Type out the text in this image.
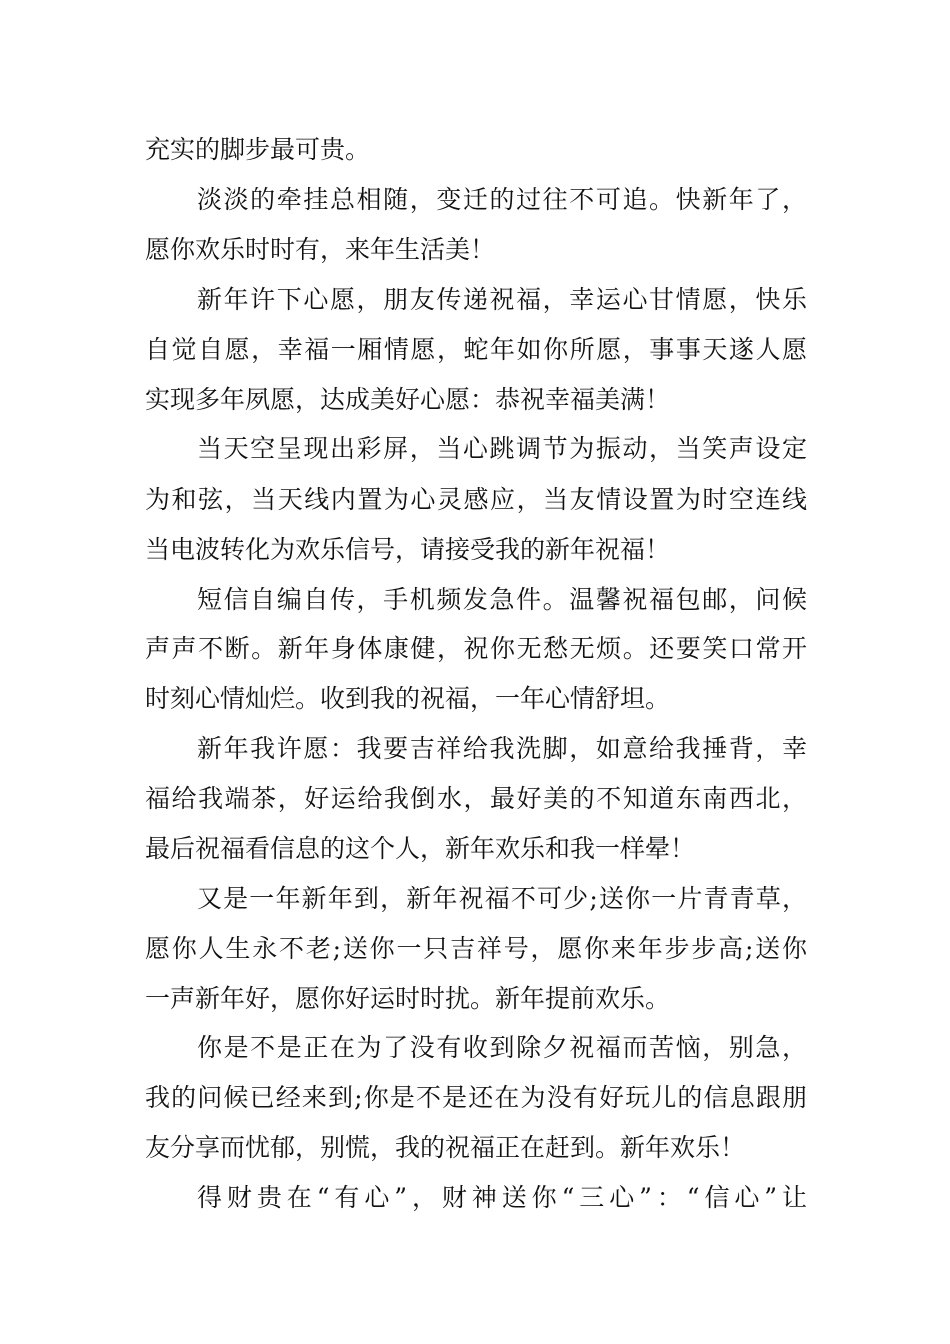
充实的脚步最可贵。
淡淡的牵挂总相随，变迁的过往不可追。快新年了，
愿你欢乐时时有，来年生活美！
新年许下心愿，朋友传递祝福，幸运心甘情愿，快乐
自觉自愿，幸福一厢情愿，蛇年如你所愿，事事天遂人愿
实现多年夙愿，达成美好心愿：恭祝幸福美满！
当天空呈现出彩屏，当心跳调节为振动，当笑声设定
为和弦，当天线内置为心灵感应，当友情设置为时空连线
当电波转化为欢乐信号，请接受我的新年祝福！
短信自编自传，手机频发急件。温馨祝福包邮，问候
声声不断。新年身体康健，祝你无愁无烦。还要笑口常开
时刻心情灿烂。收到我的祝福，一年心情舒坦。
新年我许愿：我要吉祥给我洗脚，如意给我捶背，幸
福给我端茶，好运给我倒水，最好美的不知道东南西北，
最后祝福看信息的这个人，新年欢乐和我一样晕！
又是一年新年到，新年祝福不可少;送你一片青青草，
愿你人生永不老;送你一只吉祥号，愿你来年步步高;送你
一声新年好，愿你好运时时扰。新年提前欢乐。
你是不是正在为了没有收到除夕祝福而苦恼，别急，
我的问候已经来到;你是不是还在为没有好玩儿的信息跟朋
友分享而忧郁，别慌，我的祝福正在赶到。新年欢乐！
得财贵在“有心”，财神送你“三心”：“信心”让
